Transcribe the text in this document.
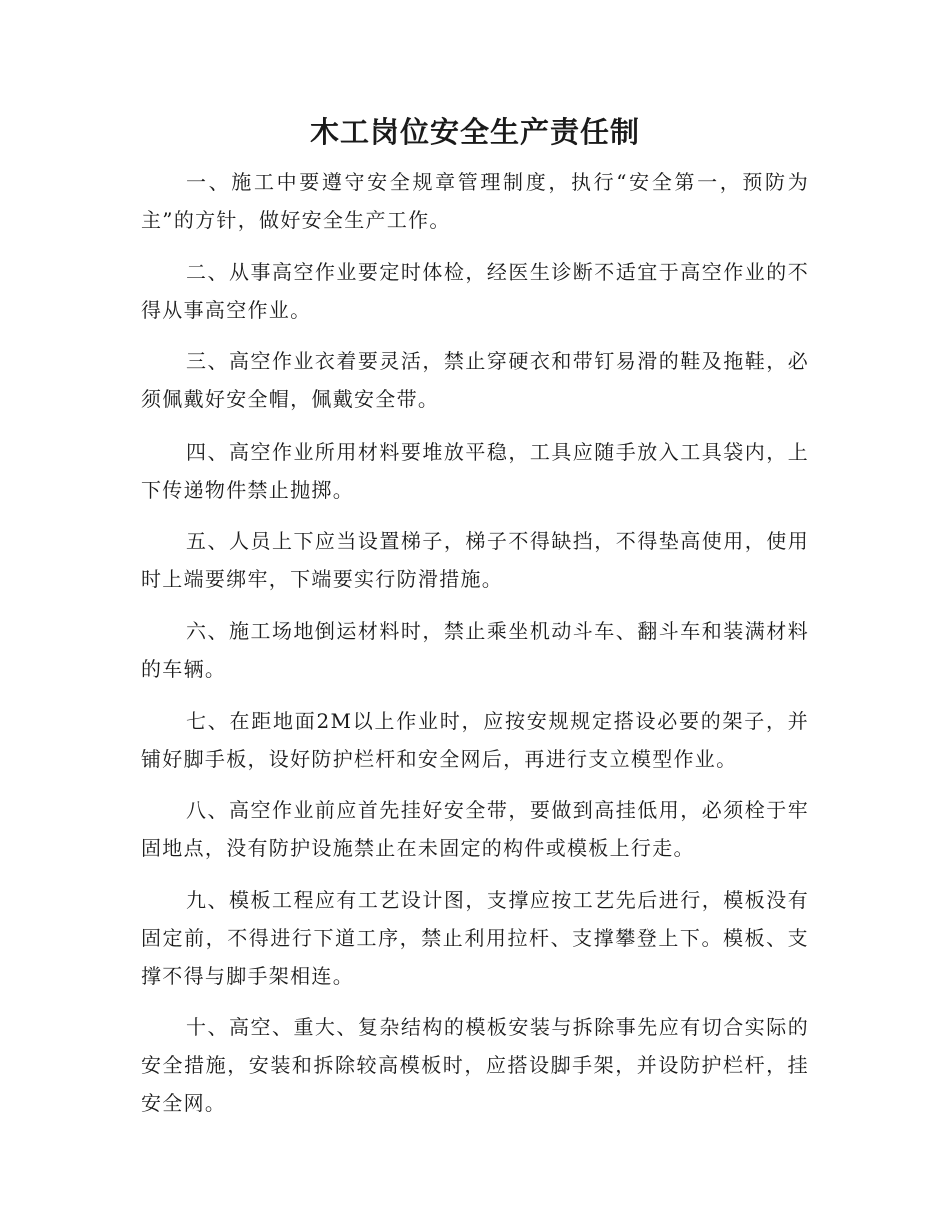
木工岗位安全生产责任制

一、施工中要遵守安全规章管理制度，执行“安全第一，预防为主”的方针，做好安全生产工作。

二、从事高空作业要定时体检，经医生诊断不适宜于高空作业的不得从事高空作业。

三、高空作业衣着要灵活，禁止穿硬衣和带钉易滑的鞋及拖鞋，必须佩戴好安全帽，佩戴安全带。

四、高空作业所用材料要堆放平稳，工具应随手放入工具袋内，上下传递物件禁止抛掷。

五、人员上下应当设置梯子，梯子不得缺挡，不得垫高使用，使用时上端要绑牢，下端要实行防滑措施。

六、施工场地倒运材料时，禁止乘坐机动斗车、翻斗车和装满材料的车辆。

七、在距地面2M以上作业时，应按安规规定搭设必要的架子，并铺好脚手板，设好防护栏杆和安全网后，再进行支立模型作业。

八、高空作业前应首先挂好安全带，要做到高挂低用，必须栓于牢固地点，没有防护设施禁止在未固定的构件或模板上行走。

九、模板工程应有工艺设计图，支撑应按工艺先后进行，模板没有固定前，不得进行下道工序，禁止利用拉杆、支撑攀登上下。模板、支撑不得与脚手架相连。

十、高空、重大、复杂结构的模板安装与拆除事先应有切合实际的安全措施，安装和拆除较高模板时，应搭设脚手架，并设防护栏杆，挂安全网。
